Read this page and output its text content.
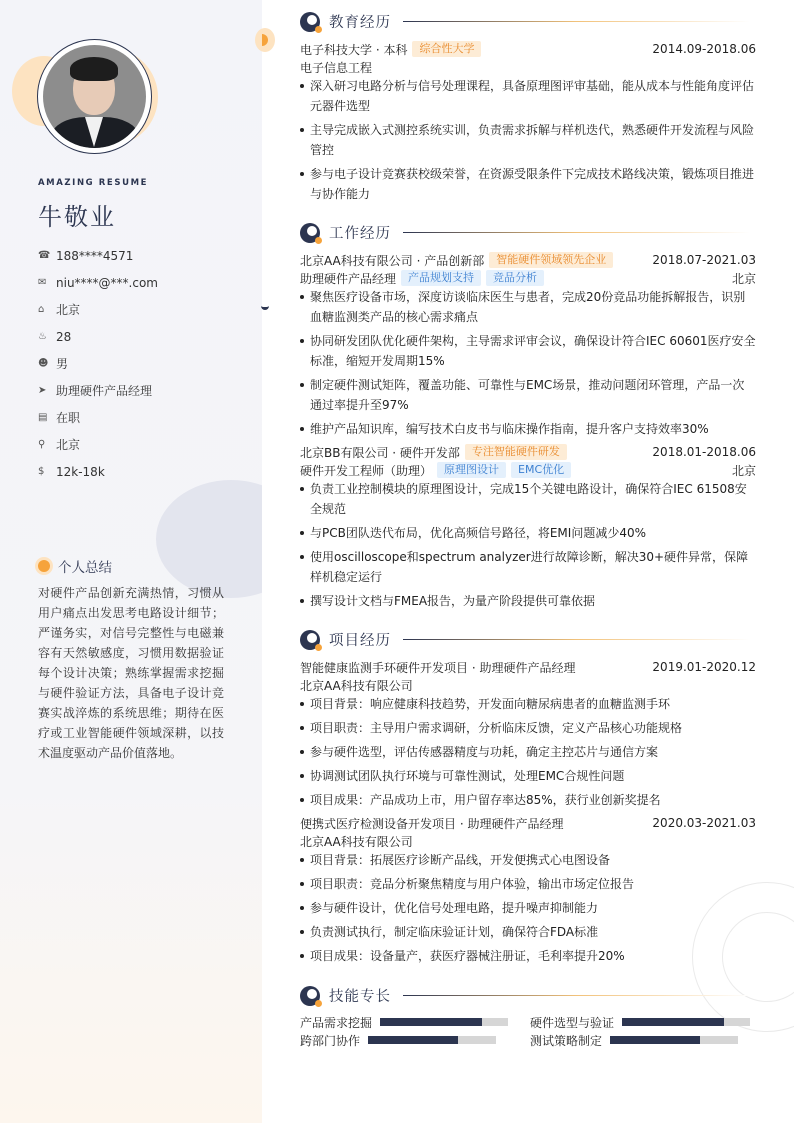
AMAZING RESUME
牛敬业
☎ 188****4571
✉ niu****@***.com
⌂ 北京
♨ 28
☻ 男
➤ 助理硬件产品经理
▤ 在职
⚲ 北京
$ 12k-18k
个人总结
对硬件产品创新充满热情，习惯从用户痛点出发思考电路设计细节；严谨务实，对信号完整性与电磁兼容有天然敏感度，习惯用数据验证每个设计决策；熟练掌握需求挖掘与硬件验证方法，具备电子设计竞赛实战淬炼的系统思维；期待在医疗或工业智能硬件领域深耕，以技术温度驱动产品价值落地。
教育经历
电子科技大学 · 本科	综合性大学	2014.09-2018.06
电子信息工程
深入研习电路分析与信号处理课程，具备原理图评审基础，能从成本与性能角度评估元器件选型
主导完成嵌入式测控系统实训，负责需求拆解与样机迭代，熟悉硬件开发流程与风险管控
参与电子设计竞赛获校级荣誉，在资源受限条件下完成技术路线决策，锻炼项目推进与协作能力
工作经历
北京AA科技有限公司 · 产品创新部	智能硬件领域领先企业	2018.07-2021.03
助理硬件产品经理	产品规划支持	竞品分析	北京
聚焦医疗设备市场，深度访谈临床医生与患者，完成20份竞品功能拆解报告，识别血糖监测类产品的核心需求痛点
协同研发团队优化硬件架构，主导需求评审会议，确保设计符合IEC 60601医疗安全标准，缩短开发周期15%
制定硬件测试矩阵，覆盖功能、可靠性与EMC场景，推动问题闭环管理，产品一次通过率提升至97%
维护产品知识库，编写技术白皮书与临床操作指南，提升客户支持效率30%
北京BB有限公司 · 硬件开发部	专注智能硬件研发	2018.01-2018.06
硬件开发工程师（助理）	原理图设计	EMC优化	北京
负责工业控制模块的原理图设计，完成15个关键电路设计，确保符合IEC 61508安全规范
与PCB团队迭代布局，优化高频信号路径，将EMI问题减少40%
使用oscilloscope和spectrum analyzer进行故障诊断，解决30+硬件异常，保障样机稳定运行
撰写设计文档与FMEA报告，为量产阶段提供可靠依据
项目经历
智能健康监测手环硬件开发项目 · 助理硬件产品经理	2019.01-2020.12
北京AA科技有限公司
项目背景：响应健康科技趋势，开发面向糖尿病患者的血糖监测手环
项目职责：主导用户需求调研，分析临床反馈，定义产品核心功能规格
参与硬件选型，评估传感器精度与功耗，确定主控芯片与通信方案
协调测试团队执行环境与可靠性测试，处理EMC合规性问题
项目成果：产品成功上市，用户留存率达85%，获行业创新奖提名
便携式医疗检测设备开发项目 · 助理硬件产品经理	2020.03-2021.03
北京AA科技有限公司
项目背景：拓展医疗诊断产品线，开发便携式心电图设备
项目职责：竞品分析聚焦精度与用户体验，输出市场定位报告
参与硬件设计，优化信号处理电路，提升噪声抑制能力
负责测试执行，制定临床验证计划，确保符合FDA标准
项目成果：设备量产，获医疗器械注册证，毛利率提升20%
技能专长
产品需求挖掘	硬件选型与验证
跨部门协作	测试策略制定
